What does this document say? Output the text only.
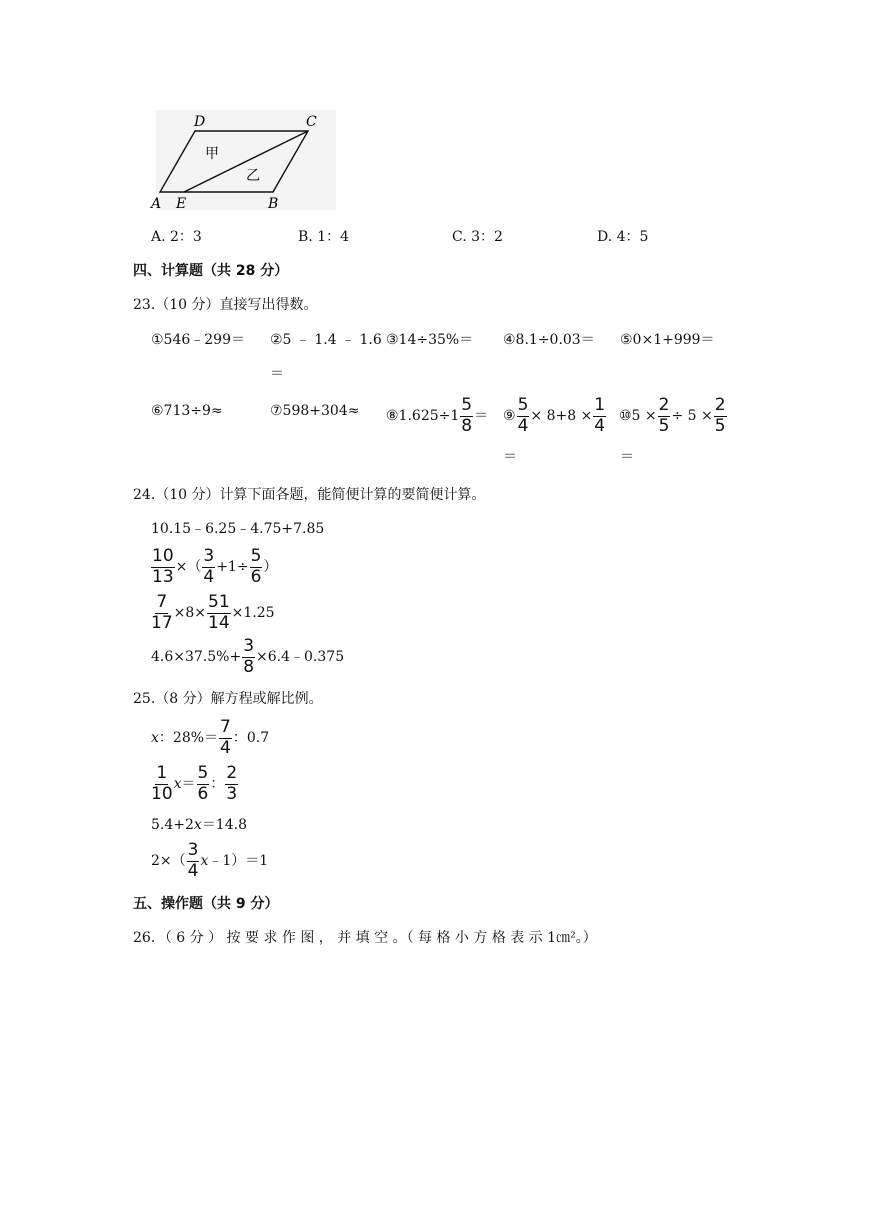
D	C
A E	B
甲
乙
A. 2：3	B. 1：4	C. 3：2	D. 4：5
四、计算题（共 28 分）
23.（10 分）直接写出得数。
①546﹣299＝ ②5 ﹣ 1.4 ﹣ 1.6
＝
③14÷35%＝ ④8.1÷0.03＝ ⑤0×1+999＝
⑥713÷9≈	⑦598+304≈ ⑧1.625÷1 $\frac{5}{8}$ ＝ ⑨ $\frac{5}{4} \times 8+8 \times \frac{1}{4}$
＝
⑩5 × $\frac{2}{5} \div 5 \times \frac{2}{5}$
＝
24.（10 分）计算下面各题，能简便计算的要简便计算。
10.15﹣6.25﹣4.75+7.85
$\frac{10}{13}$ ×（ $\frac{3}{4} +1\div \frac{5}{6}$ ）
$\frac{7}{17} \times 8\times \frac{51}{14} \times 1.25$
$4.6\times 37.5\%+ \frac{3}{8}$ ×6.4﹣0.375
25.（8 分）解方程或解比例。
x ：$28\%= \frac{7}{4}$ ：0.7
$\frac{1}{10}$ $x = \frac{5}{6}$ ： $\frac{2}{3}$
5.4+2 x ＝14.8
$2\times( \frac{3}{4}$ x ﹣1）＝1
五、操作题（共 9 分）
26．（ 6 分 ） 按 要 求 作 图 ， 并 填 空 。（ 每 格 小 方 格 表 示 1㎝²。）
